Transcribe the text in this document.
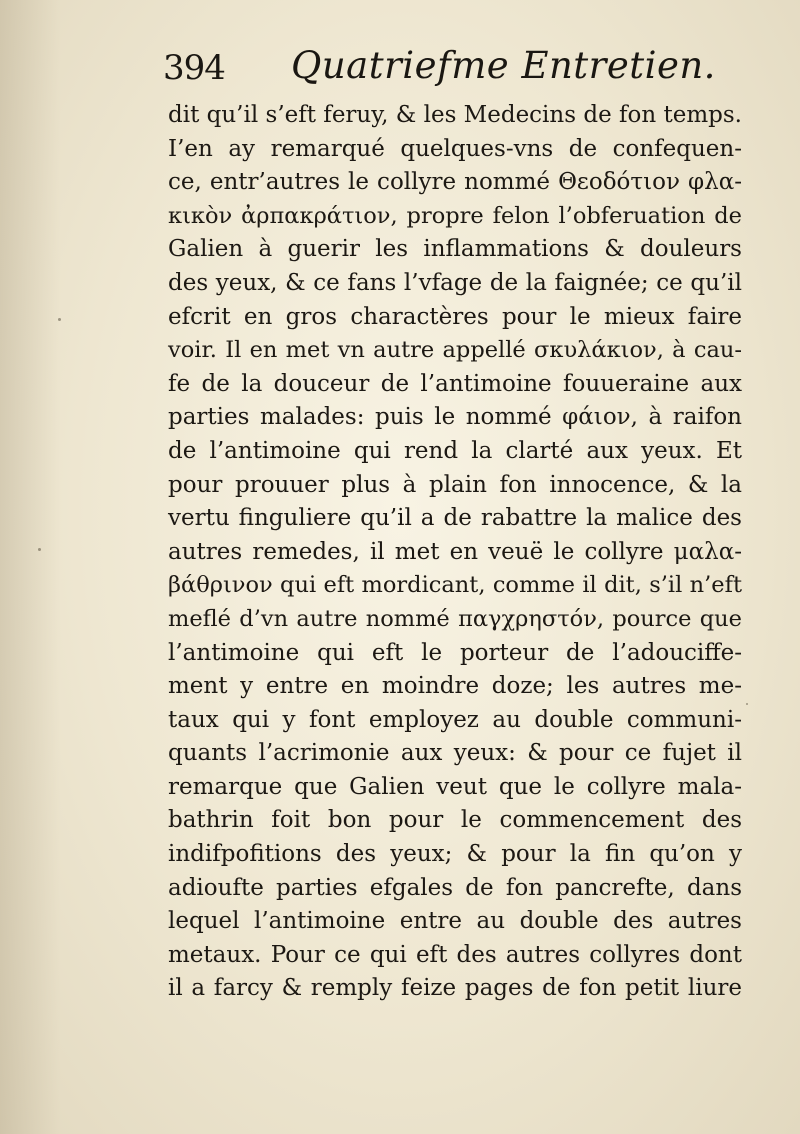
394 Quatriefme Entretien.
dit qu’il s’eft feruy, & les Medecins de fon temps.
I’en ay remarqué quelques-vns de confequen-
ce, entr’autres le collyre nommé Θεοδότιον φλα-
κικὸν ἀρπακράτιον, propre felon l’obferuation de
Galien à guerir les inflammations & douleurs
des yeux, & ce fans l’vfage de la faignée; ce qu’il
efcrit en gros charactères pour le mieux faire
voir. Il en met vn autre appellé σκυλάκιον, à cau-
fe de la douceur de l’antimoine fouueraine aux
parties malades: puis le nommé φάιον, à raifon
de l’antimoine qui rend la clarté aux yeux. Et
pour prouuer plus à plain fon innocence, & la
vertu finguliere qu’il a de rabattre la malice des
autres remedes, il met en veuë le collyre μαλα-
βάθρινον qui eft mordicant, comme il dit, s’il n’eft
meflé d’vn autre nommé παγχρηστόν, pource que
l’antimoine qui eft le porteur de l’adouciffe-
ment y entre en moindre doze; les autres me-
taux qui y font employez au double communi-
quants l’acrimonie aux yeux: & pour ce fujet il
remarque que Galien veut que le collyre mala-
bathrin foit bon pour le commencement des
indifpofitions des yeux; & pour la fin qu’on y
adioufte parties efgales de fon pancrefte, dans
lequel l’antimoine entre au double des autres
metaux. Pour ce qui eft des autres collyres dont
il a farcy & remply feize pages de fon petit liure
